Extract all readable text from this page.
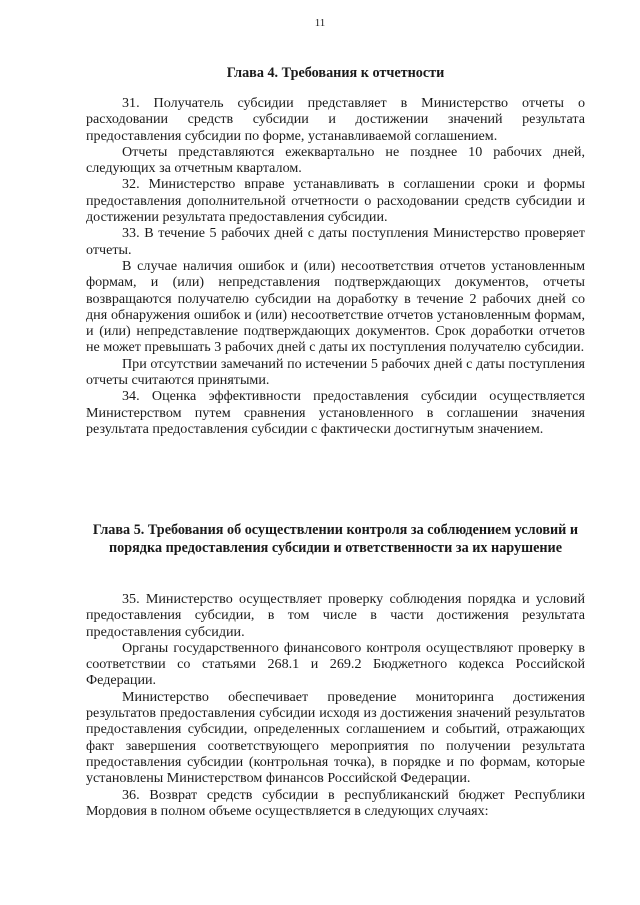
11
Глава 4. Требования к отчетности

31. Получатель субсидии представляет в Министерство отчеты о расходовании средств субсидии и достижении значений результата предоставления субсидии по форме, устанавливаемой соглашением.

Отчеты представляются ежеквартально не позднее 10 рабочих дней, следующих за отчетным кварталом.

32. Министерство вправе устанавливать в соглашении сроки и формы предоставления дополнительной отчетности о расходовании средств субсидии и достижении результата предоставления субсидии.

33. В течение 5 рабочих дней с даты поступления Министерство проверяет отчеты.

В случае наличия ошибок и (или) несоответствия отчетов установленным формам, и (или) непредставления подтверждающих документов, отчеты возвращаются получателю субсидии на доработку в течение 2 рабочих дней со дня обнаружения ошибок и (или) несоответствие отчетов установленным формам, и (или) непредставление подтверждающих документов. Срок доработки отчетов не может превышать 3 рабочих дней с даты их поступления получателю субсидии.

При отсутствии замечаний по истечении 5 рабочих дней с даты поступления отчеты считаются принятыми.

34. Оценка эффективности предоставления субсидии осуществляется Министерством путем сравнения установленного в соглашении значения результата предоставления субсидии с фактически достигнутым значением.

Глава 5. Требования об осуществлении контроля за соблюдением условий и порядка предоставления субсидии и ответственности за их нарушение

35. Министерство осуществляет проверку соблюдения порядка и условий предоставления субсидии, в том числе в части достижения результата предоставления субсидии.

Органы государственного финансового контроля осуществляют проверку в соответствии со статьями 268.1 и 269.2 Бюджетного кодекса Российской Федерации.

Министерство обеспечивает проведение мониторинга достижения результатов предоставления субсидии исходя из достижения значений результатов предоставления субсидии, определенных соглашением и событий, отражающих факт завершения соответствующего мероприятия по получении результата предоставления субсидии (контрольная точка), в порядке и по формам, которые установлены Министерством финансов Российской Федерации.

36. Возврат средств субсидии в республиканский бюджет Республики Мордовия в полном объеме осуществляется в следующих случаях:
